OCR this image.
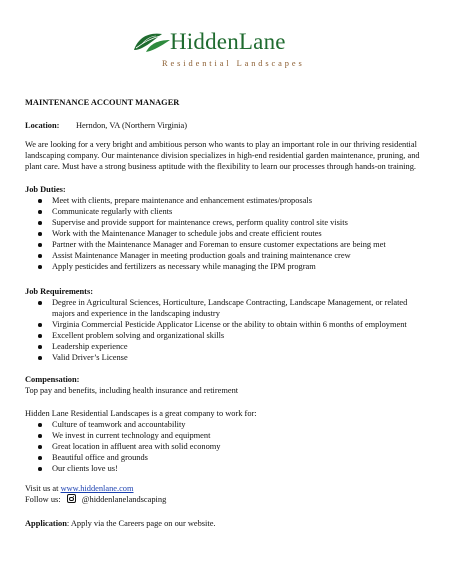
HiddenLane
Residential Landscapes
MAINTENANCE ACCOUNT MANAGER
Location: Herndon, VA (Northern Virginia)
We are looking for a very bright and ambitious person who wants to play an important role in our thriving residential landscaping company. Our maintenance division specializes in high-end residential garden maintenance, pruning, and plant care. Must have a strong business aptitude with the flexibility to learn our processes through hands-on training.
Job Duties:
Meet with clients, prepare maintenance and enhancement estimates/proposals
Communicate regularly with clients
Supervise and provide support for maintenance crews, perform quality control site visits
Work with the Maintenance Manager to schedule jobs and create efficient routes
Partner with the Maintenance Manager and Foreman to ensure customer expectations are being met
Assist Maintenance Manager in meeting production goals and training maintenance crew
Apply pesticides and fertilizers as necessary while managing the IPM program
Job Requirements:
Degree in Agricultural Sciences, Horticulture, Landscape Contracting, Landscape Management, or related majors and experience in the landscaping industry
Virginia Commercial Pesticide Applicator License or the ability to obtain within 6 months of employment
Excellent problem solving and organizational skills
Leadership experience
Valid Driver’s License
Compensation:
Top pay and benefits, including health insurance and retirement
Hidden Lane Residential Landscapes is a great company to work for:
Culture of teamwork and accountability
We invest in current technology and equipment
Great location in affluent area with solid economy
Beautiful office and grounds
Our clients love us!
Visit us at www.hiddenlane.com
Follow us:	@hiddenlanelandscaping
Application: Apply via the Careers page on our website.
